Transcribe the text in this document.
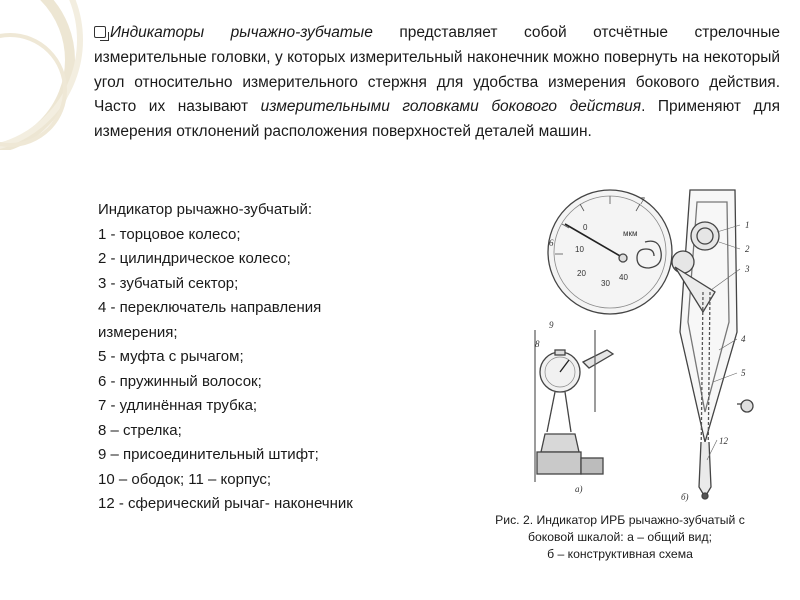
Индикаторы рычажно-зубчатые представляет собой отсчётные стрелочные измерительные головки, у которых измерительный наконечник можно повернуть на некоторый угол относительно измерительного стержня для удобства измерения бокового действия. Часто их называют измерительными головками бокового действия. Применяют для измерения отклонений расположения поверхностей деталей машин.
Индикатор рычажно-зубчатый:
1 - торцовое колесо;
2 - цилиндрическое колесо;
3 - зубчатый сектор;
4 - переключатель направления
измерения;
5 - муфта с рычагом;
6 - пружинный волосок;
7 - удлинённая трубка;
8 – стрелка;
9 – присоединительный штифт;
10 – ободок; 11 – корпус;
12 - сферический рычаг- наконечник
0
10
20
30
40
мкм
6
7
1
2
3
4
5
12
9
8
а)
б)
Рис. 2. Индикатор ИРБ рычажно-зубчатый с
боковой шкалой: а – общий вид;
б – конструктивная схема
